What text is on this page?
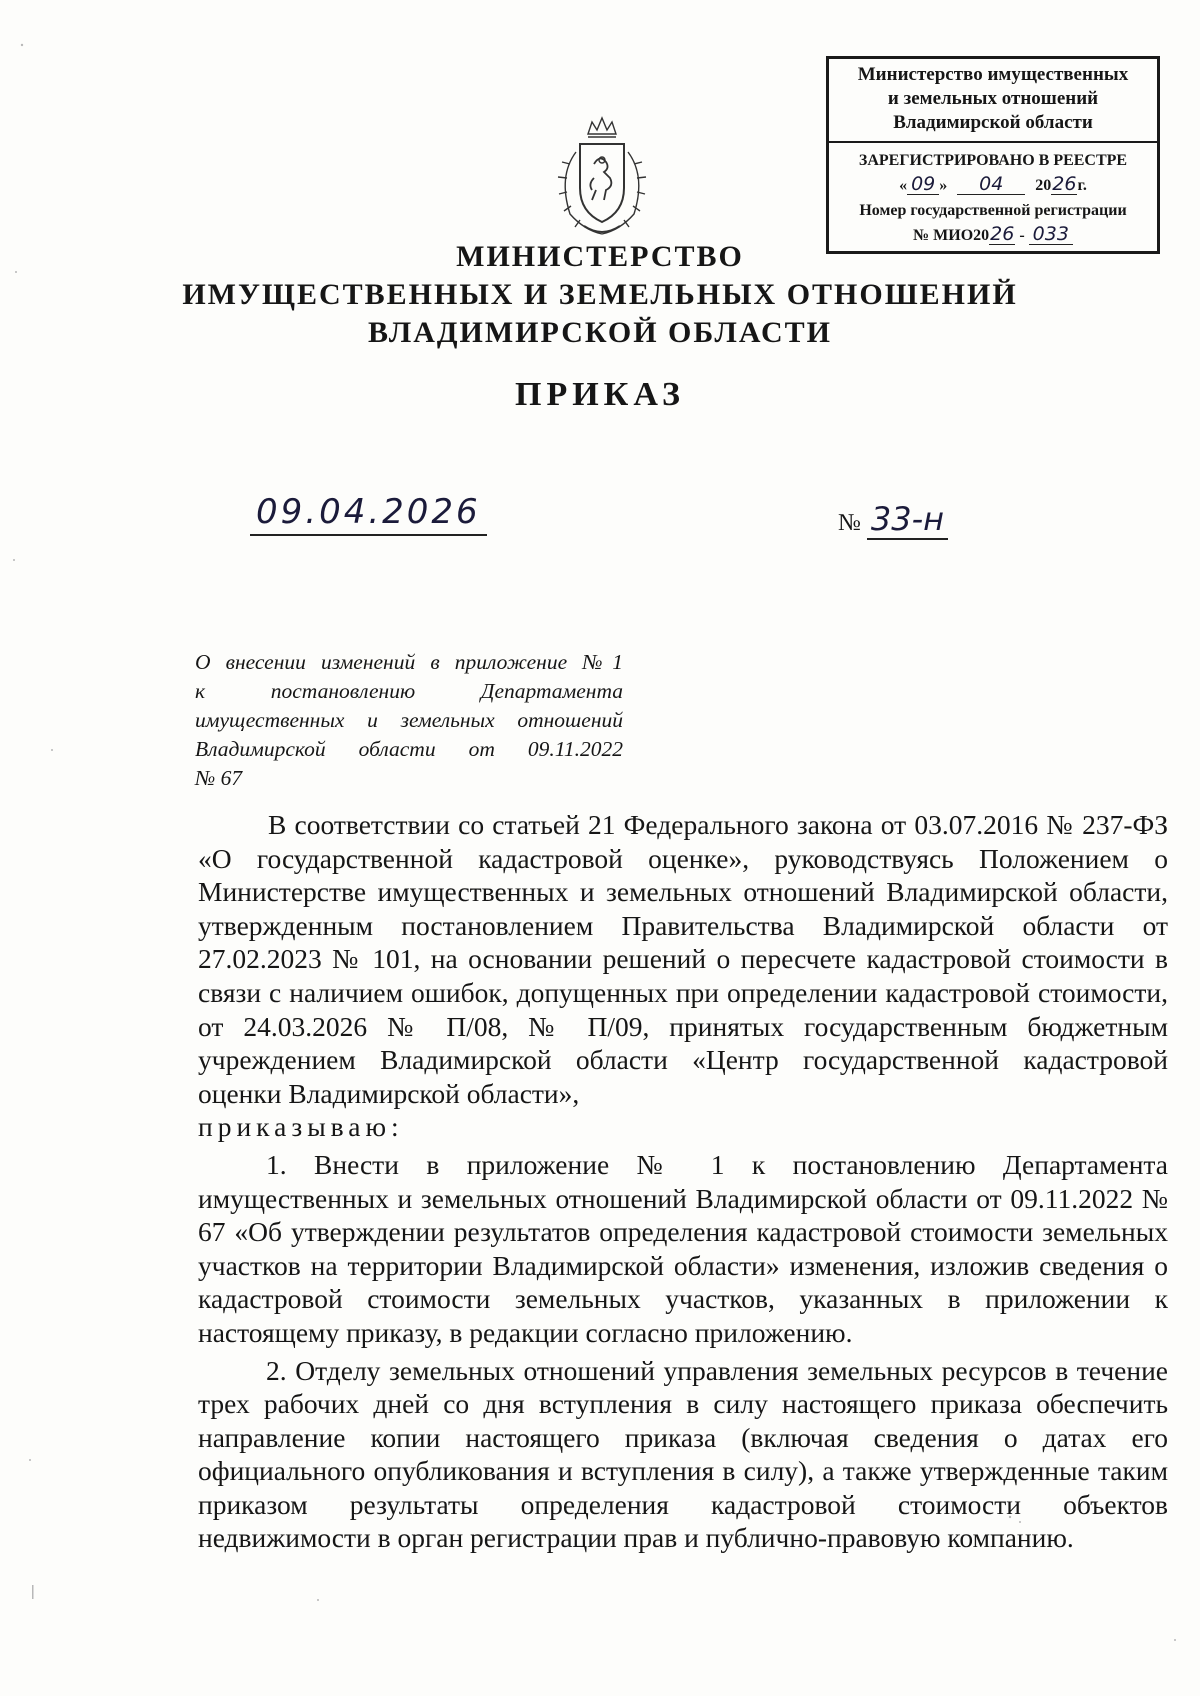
Министерство имущественных
и земельных отношений
Владимирской области
ЗАРЕГИСТРИРОВАНО В РЕЕСТРЕ
« 09 » 04 2026г.
Номер государственной регистрации
№ МИО2026 - 033
МИНИСТЕРСТВО
ИМУЩЕСТВЕННЫХ И ЗЕМЕЛЬНЫХ ОТНОШЕНИЙ
ВЛАДИМИРСКОЙ ОБЛАСТИ
ПРИКАЗ
09.04.2026	№ 33-н
О внесении изменений в приложение №1
к постановлению Департамента
имущественных и земельных отношений
Владимирской области от 09.11.2022
№ 67

В соответствии со статьей 21 Федерального закона от 03.07.2016 № 237-ФЗ «О государственной кадастровой оценке», руководствуясь Положением о Министерстве имущественных и земельных отношений Владимирской области, утвержденным постановлением Правительства Владимирской области от 27.02.2023 № 101, на основании решений о пересчете кадастровой стоимости в связи с наличием ошибок, допущенных при определении кадастровой стоимости, от 24.03.2026 № П/08, № П/09, принятых государственным бюджетным учреждением Владимирской области «Центр государственной кадастровой оценки Владимирской области»,

приказываю:

1. Внести в приложение № 1 к постановлению Департамента имущественных и земельных отношений Владимирской области от 09.11.2022 № 67 «Об утверждении результатов определения кадастровой стоимости земельных участков на территории Владимирской области» изменения, изложив сведения о кадастровой стоимости земельных участков, указанных в приложении к настоящему приказу, в редакции согласно приложению.

2. Отделу земельных отношений управления земельных ресурсов в течение трех рабочих дней со дня вступления в силу настоящего приказа обеспечить направление копии настоящего приказа (включая сведения о датах его официального опубликования и вступления в силу), а также утвержденные таким приказом результаты определения кадастровой стоимости объектов недвижимости в орган регистрации прав и публично-правовую компанию.
